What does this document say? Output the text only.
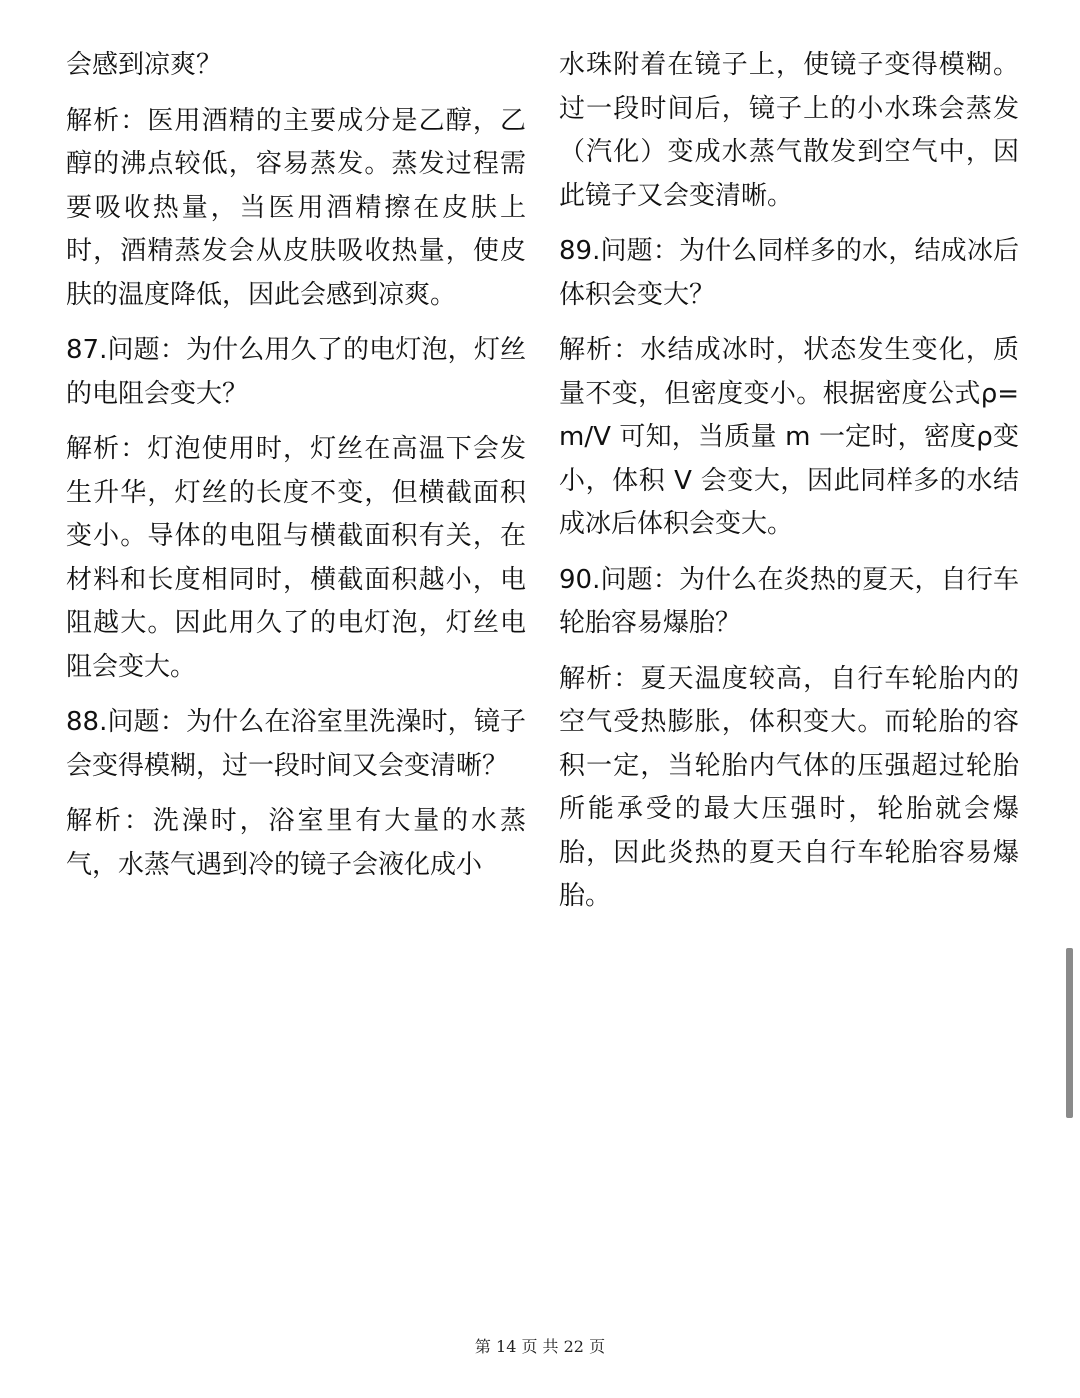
会感到凉爽？

解析：医用酒精的主要成分是乙醇，乙醇的沸点较低，容易蒸发。蒸发过程需要吸收热量，当医用酒精擦在皮肤上时，酒精蒸发会从皮肤吸收热量，使皮肤的温度降低，因此会感到凉爽。

87.问题：为什么用久了的电灯泡，灯丝的电阻会变大？

解析：灯泡使用时，灯丝在高温下会发生升华，灯丝的长度不变，但横截面积变小。导体的电阻与横截面积有关，在材料和长度相同时，横截面积越小，电阻越大。因此用久了的电灯泡，灯丝电阻会变大。

88.问题：为什么在浴室里洗澡时，镜子会变得模糊，过一段时间又会变清晰？

解析：洗澡时，浴室里有大量的水蒸气，水蒸气遇到冷的镜子会液化成小

水珠附着在镜子上，使镜子变得模糊。过一段时间后，镜子上的小水珠会蒸发（汽化）变成水蒸气散发到空气中，因此镜子又会变清晰。

89.问题：为什么同样多的水，结成冰后体积会变大？

解析：水结成冰时，状态发生变化，质量不变，但密度变小。根据密度公式ρ=m/V 可知，当质量 m 一定时，密度ρ变小，体积 V 会变大，因此同样多的水结成冰后体积会变大。

90.问题：为什么在炎热的夏天，自行车轮胎容易爆胎？

解析：夏天温度较高，自行车轮胎内的空气受热膨胀，体积变大。而轮胎的容积一定，当轮胎内气体的压强超过轮胎所能承受的最大压强时，轮胎就会爆胎，因此炎热的夏天自行车轮胎容易爆胎。

第 14 页 共 22 页
